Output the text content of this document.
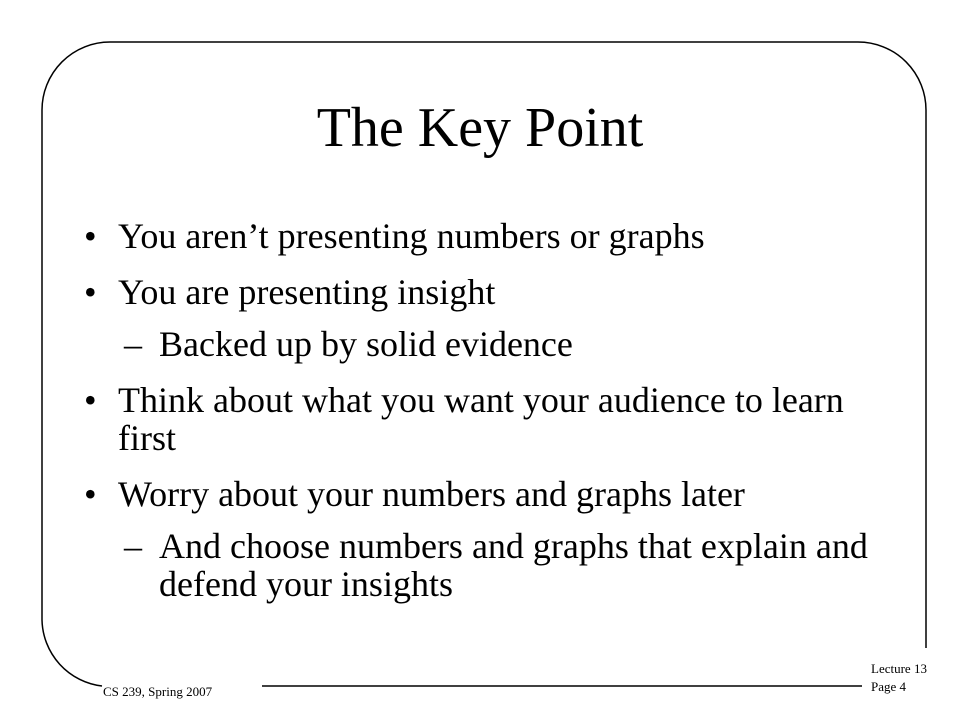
The Key Point
• You aren’t presenting numbers or graphs
• You are presenting insight
– Backed up by solid evidence
• Think about what you want your audience to learn first
• Worry about your numbers and graphs later
– And choose numbers and graphs that explain and defend your insights
CS 239, Spring 2007
Lecture 13
Page 4
